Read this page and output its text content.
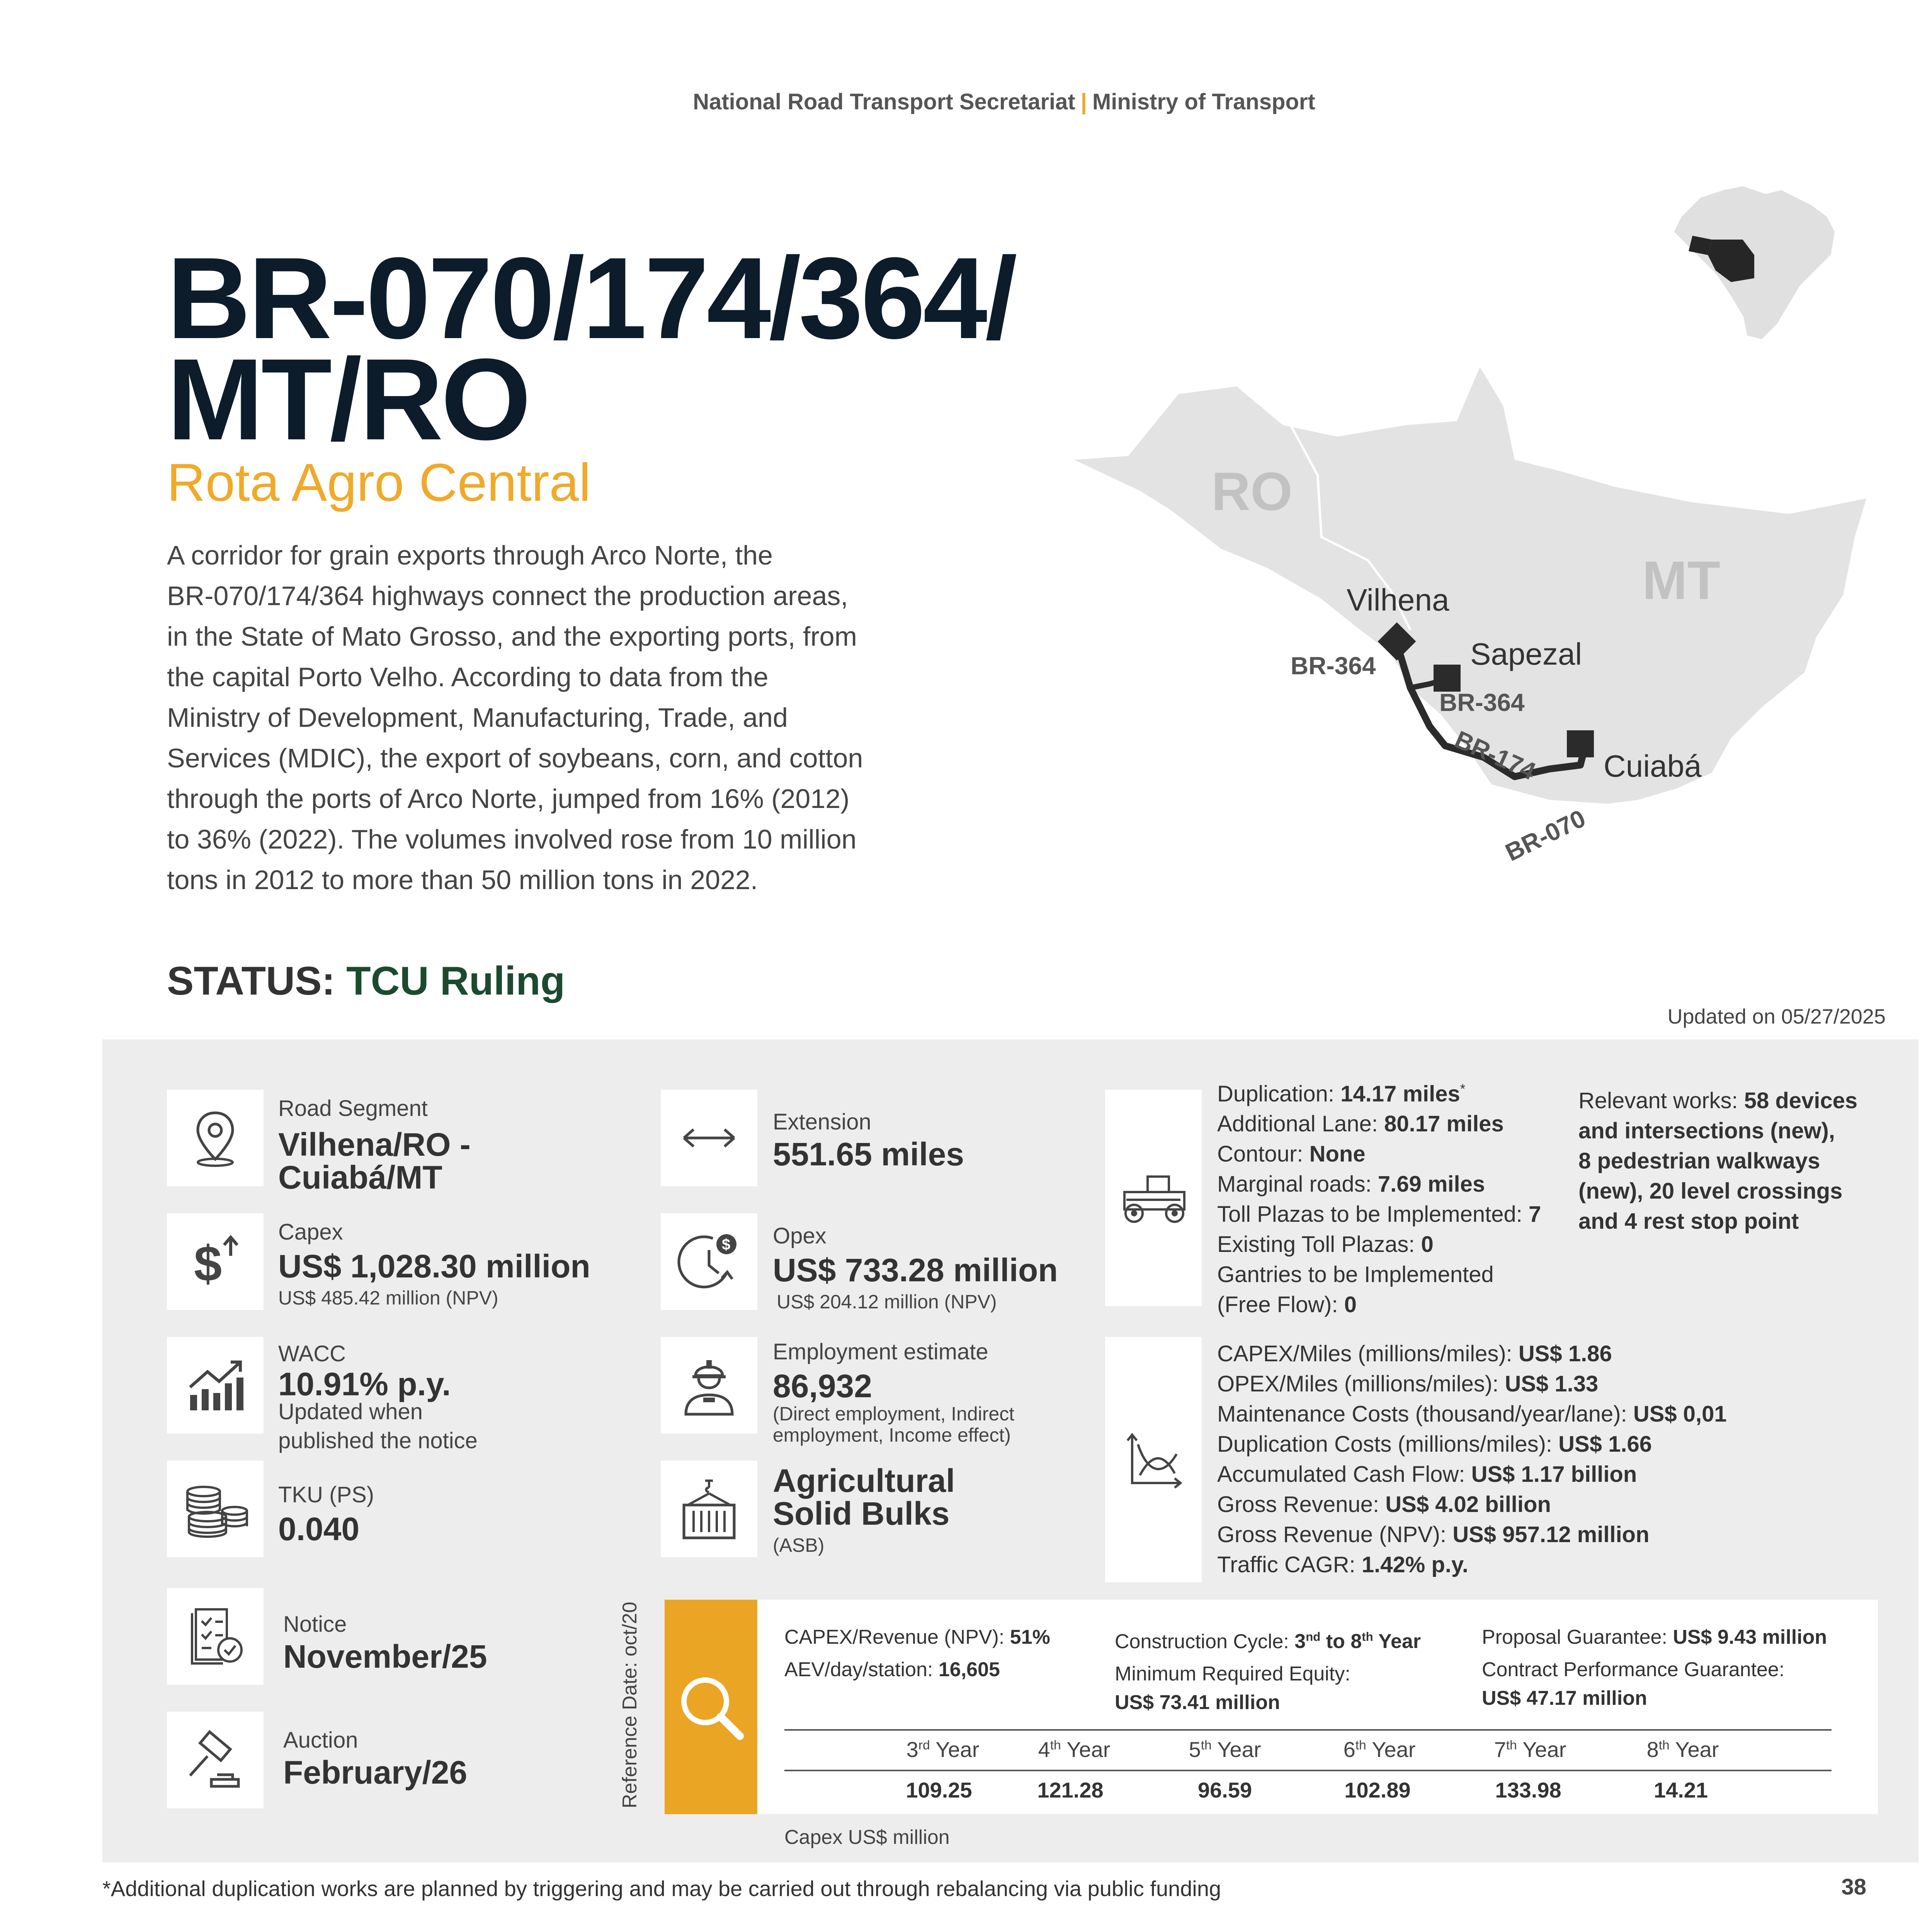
National Road Transport Secretariat | Ministry of Transport
BR-070/174/364/
MT/RO
Rota Agro Central
A corridor for grain exports through Arco Norte, the
BR-070/174/364 highways connect the production areas,
in the State of Mato Grosso, and the exporting ports, from
the capital Porto Velho. According to data from the
Ministry of Development, Manufacturing, Trade, and
Services (MDIC), the export of soybeans, corn, and cotton
through the ports of Arco Norte, jumped from 16% (2012)
to 36% (2022). The volumes involved rose from 10 million
tons in 2012 to more than 50 million tons in 2022.
RO
MT
Vilhena
Sapezal
Cuiabá
BR-364
BR-364
BR-174
BR-070
STATUS: TCU Ruling
Updated on 05/27/2025
Road Segment
Vilhena/RO -
Cuiabá/MT
Extension
551.65 miles
$
Capex
US$ 1,028.30 million
US$ 485.42 million (NPV)
$ Opex
US$ 733.28 million
US$ 204.12 million (NPV)
WACC
10.91% p.y.
Updated when
published the notice
Employment estimate
86,932
(Direct employment, Indirect
employment, Income effect)
TKU (PS)
0.040
Agricultural
Solid Bulks
(ASB)
Notice
November/25
Auction
February/26
Duplication: 14.17 miles*
Additional Lane: 80.17 miles
Contour: None
Marginal roads: 7.69 miles
Toll Plazas to be Implemented: 7
Existing Toll Plazas: 0
Gantries to be Implemented
(Free Flow): 0
Relevant works: 58 devices
and intersections (new),
8 pedestrian walkways
(new), 20 level crossings
and 4 rest stop point
CAPEX/Miles (millions/miles): US$ 1.86
OPEX/Miles (millions/miles): US$ 1.33
Maintenance Costs (thousand/year/lane): US$ 0,01
Duplication Costs (millions/miles): US$ 1.66
Accumulated Cash Flow: US$ 1.17 billion
Gross Revenue: US$ 4.02 billion
Gross Revenue (NPV): US$ 957.12 million
Traffic CAGR: 1.42% p.y.
Reference Date: oct/20	CAPEX/Revenue (NPV): 51%
AEV/day/station: 16,605
Construction Cycle: 3nd to 8th Year
Minimum Required Equity:
US$ 73.41 million
Proposal Guarantee: US$ 9.43 million
Contract Performance Guarantee:
US$ 47.17 million
3rd Year	4th Year	5th Year	6th Year	7th Year	8th Year
109.25	121.28	96.59	102.89	133.98	14.21
Capex US$ million
*Additional duplication works are planned by triggering and may be carried out through rebalancing via public funding	38
